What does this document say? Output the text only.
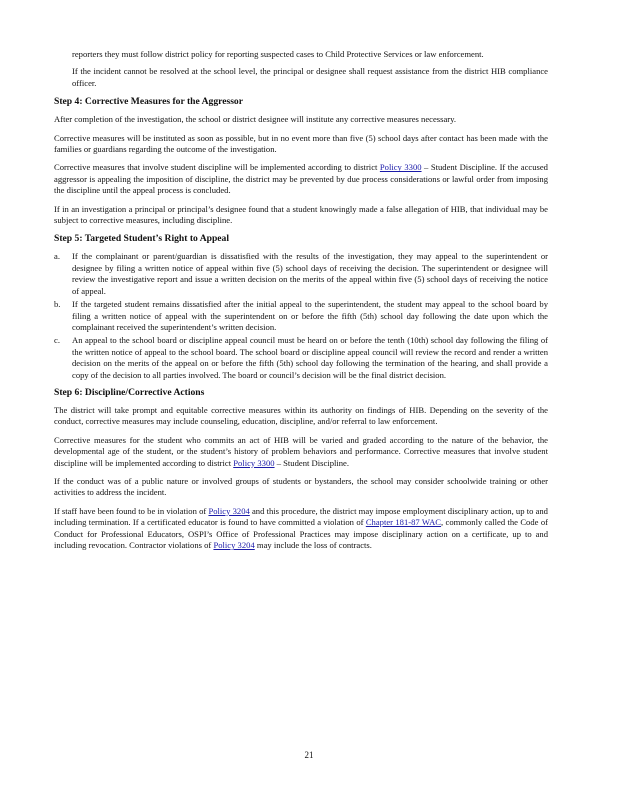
reporters they must follow district policy for reporting suspected cases to Child Protective Services or law enforcement.

If the incident cannot be resolved at the school level, the principal or designee shall request assistance from the district HIB compliance officer.

Step 4: Corrective Measures for the Aggressor

After completion of the investigation, the school or district designee will institute any corrective measures necessary.

Corrective measures will be instituted as soon as possible, but in no event more than five (5) school days after contact has been made with the families or guardians regarding the outcome of the investigation.

Corrective measures that involve student discipline will be implemented according to district Policy 3300 – Student Discipline. If the accused aggressor is appealing the imposition of discipline, the district may be prevented by due process considerations or lawful order from imposing the discipline until the appeal process is concluded.

If in an investigation a principal or principal’s designee found that a student knowingly made a false allegation of HIB, that individual may be subject to corrective measures, including discipline.

Step 5: Targeted Student’s Right to Appeal

a. If the complainant or parent/guardian is dissatisfied with the results of the investigation, they may appeal to the superintendent or designee by filing a written notice of appeal within five (5) school days of receiving the decision. The superintendent or designee will review the investigative report and issue a written decision on the merits of the appeal within five (5) school days of receiving the notice of appeal.

b. If the targeted student remains dissatisfied after the initial appeal to the superintendent, the student may appeal to the school board by filing a written notice of appeal with the superintendent on or before the fifth (5th) school day following the date upon which the complainant received the superintendent’s written decision.

c. An appeal to the school board or discipline appeal council must be heard on or before the tenth (10th) school day following the filing of the written notice of appeal to the school board. The school board or discipline appeal council will review the record and render a written decision on the merits of the appeal on or before the fifth (5th) school day following the termination of the hearing, and shall provide a copy of the decision to all parties involved. The board or council’s decision will be the final district decision.

Step 6: Discipline/Corrective Actions

The district will take prompt and equitable corrective measures within its authority on findings of HIB. Depending on the severity of the conduct, corrective measures may include counseling, education, discipline, and/or referral to law enforcement.

Corrective measures for the student who commits an act of HIB will be varied and graded according to the nature of the behavior, the developmental age of the student, or the student’s history of problem behaviors and performance. Corrective measures that involve student discipline will be implemented according to district Policy 3300 – Student Discipline.

If the conduct was of a public nature or involved groups of students or bystanders, the school may consider schoolwide training or other activities to address the incident.

If staff have been found to be in violation of Policy 3204 and this procedure, the district may impose employment disciplinary action, up to and including termination. If a certificated educator is found to have committed a violation of Chapter 181-87 WAC, commonly called the Code of Conduct for Professional Educators, OSPI’s Office of Professional Practices may impose disciplinary action on a certificate, up to and including revocation. Contractor violations of Policy 3204 may include the loss of contracts.

21
